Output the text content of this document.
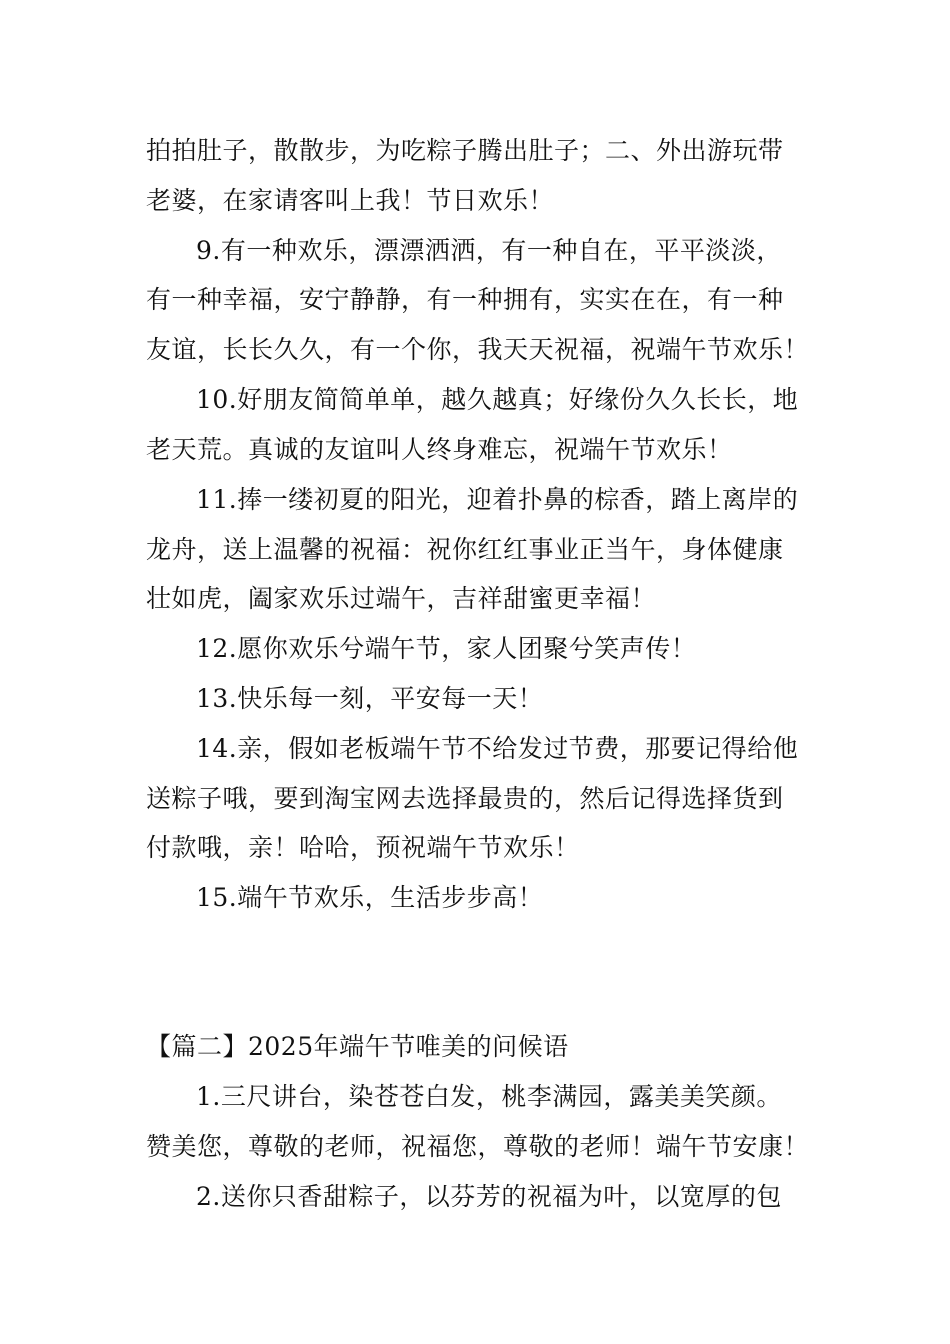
拍拍肚子，散散步，为吃粽子腾出肚子；二、外出游玩带
老婆，在家请客叫上我！节日欢乐！
9.有一种欢乐，漂漂洒洒，有一种自在，平平淡淡，
有一种幸福，安宁静静，有一种拥有，实实在在，有一种
友谊，长长久久，有一个你，我天天祝福，祝端午节欢乐！
10.好朋友简简单单，越久越真；好缘份久久长长，地
老天荒。真诚的友谊叫人终身难忘，祝端午节欢乐！
11.捧一缕初夏的阳光，迎着扑鼻的棕香，踏上离岸的
龙舟，送上温馨的祝福：祝你红红事业正当午，身体健康
壮如虎，阖家欢乐过端午，吉祥甜蜜更幸福！
12.愿你欢乐兮端午节，家人团聚兮笑声传！
13.快乐每一刻，平安每一天！
14.亲，假如老板端午节不给发过节费，那要记得给他
送粽子哦，要到淘宝网去选择最贵的，然后记得选择货到
付款哦，亲！哈哈，预祝端午节欢乐！
15.端午节欢乐，生活步步高！
【篇二】2025年端午节唯美的问候语
1.三尺讲台，染苍苍白发，桃李满园，露美美笑颜。
赞美您，尊敬的老师，祝福您，尊敬的老师！端午节安康！
2.送你只香甜粽子，以芬芳的祝福为叶，以宽厚的包
